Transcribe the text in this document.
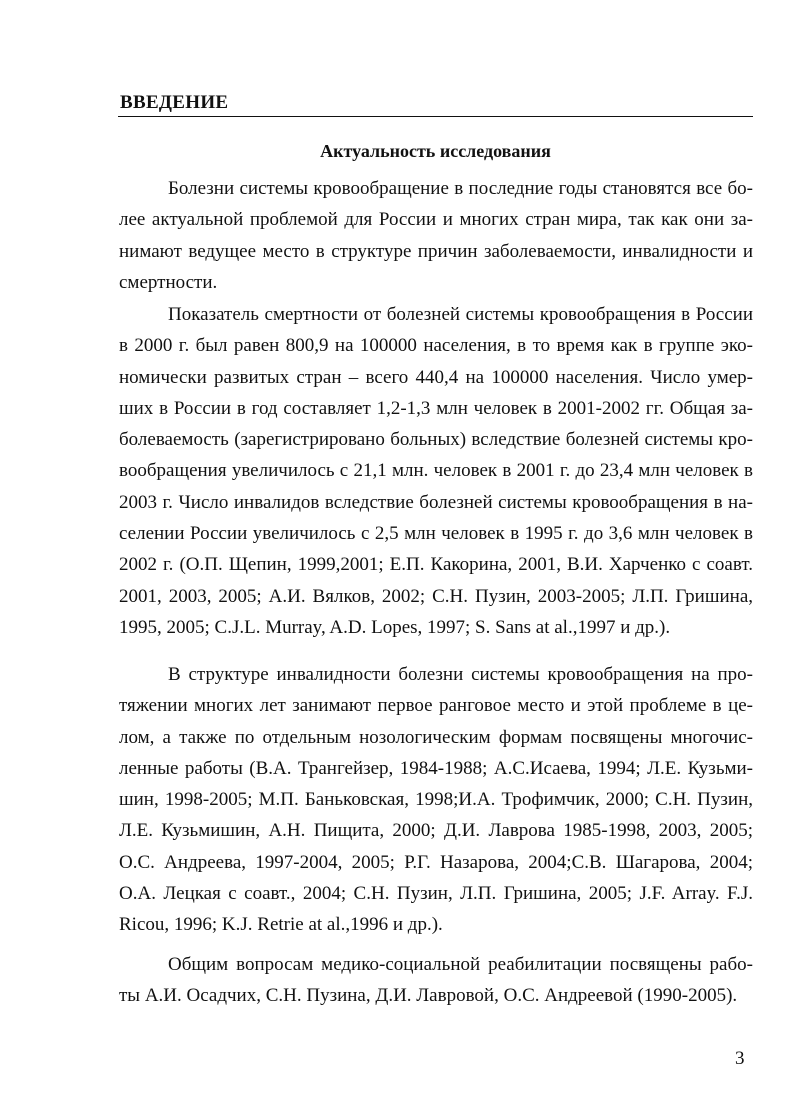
ВВЕДЕНИЕ
Актуальность исследования
Болезни системы кровообращение в последние годы становятся все бо-
лее актуальной проблемой для России и многих стран мира, так как они за-
нимают ведущее место в структуре причин заболеваемости, инвалидности и
смертности.
Показатель смертности от болезней системы кровообращения в России
в 2000 г. был равен 800,9 на 100000 населения, в то время как в группе эко-
номически развитых стран – всего 440,4 на 100000 населения. Число умер-
ших в России в год составляет 1,2-1,3 млн человек в 2001-2002 гг. Общая за-
болеваемость (зарегистрировано больных) вследствие болезней системы кро-
вообращения увеличилось с 21,1 млн. человек в 2001 г. до 23,4 млн человек в
2003 г. Число инвалидов вследствие болезней системы кровообращения в на-
селении России увеличилось с 2,5 млн человек в 1995 г. до 3,6 млн человек в
2002 г. (О.П. Щепин, 1999,2001; Е.П. Какорина, 2001, В.И. Харченко с соавт.
2001, 2003, 2005; А.И. Вялков, 2002; С.Н. Пузин, 2003-2005; Л.П. Гришина,
1995, 2005; C.J.L. Murray, A.D. Lopes, 1997; S. Sans at al.,1997 и др.).
В структуре инвалидности болезни системы кровообращения на про-
тяжении многих лет занимают первое ранговое место и этой проблеме в це-
лом, а также по отдельным нозологическим формам посвящены многочис-
ленные работы (В.А. Трангейзер, 1984-1988; А.С.Исаева, 1994; Л.Е. Кузьми-
шин, 1998-2005; М.П. Баньковская, 1998;И.А. Трофимчик, 2000; С.Н. Пузин,
Л.Е. Кузьмишин, А.Н. Пищита, 2000; Д.И. Лаврова 1985-1998, 2003, 2005;
О.С. Андреева, 1997-2004, 2005; Р.Г. Назарова, 2004;С.В. Шагарова, 2004;
О.А. Лецкая с соавт., 2004; С.Н. Пузин, Л.П. Гришина, 2005; J.F. Array. F.J.
Ricou, 1996; K.J. Retrie at al.,1996 и др.).
Общим вопросам медико-социальной реабилитации посвящены рабо-
ты А.И. Осадчих, С.Н. Пузина, Д.И. Лавровой, О.С. Андреевой (1990-2005).
3
